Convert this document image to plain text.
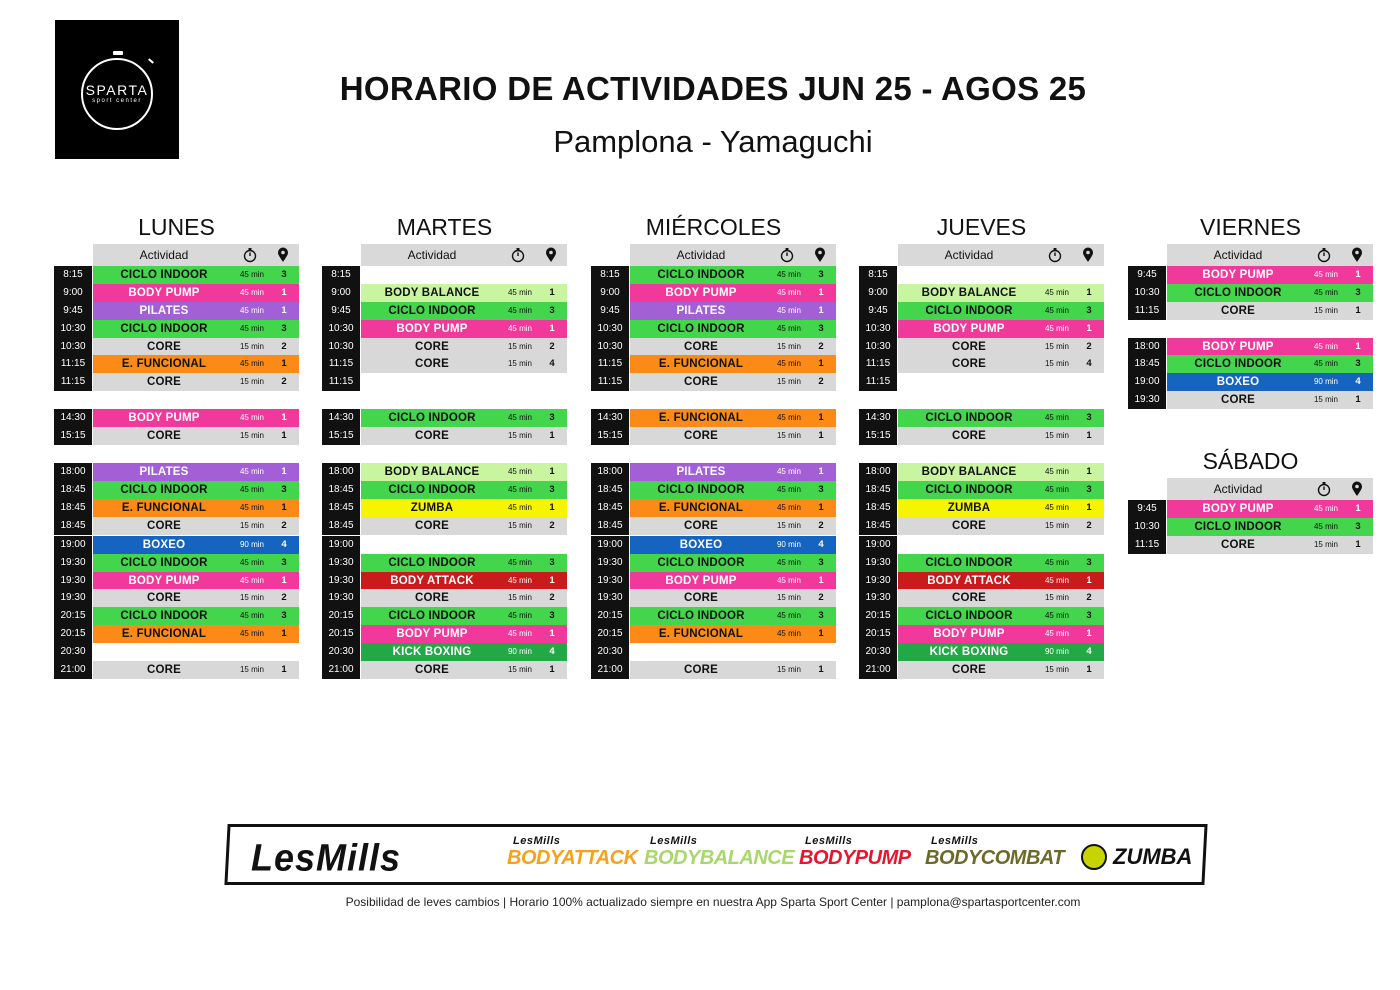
SPARTA
sport center	HORARIO DE ACTIVIDADES JUN 25 - AGOS 25
Pamplona - Yamaguchi
LUNES
Actividad
8:15	CICLO INDOOR	45 min	3
9:00	BODY PUMP	45 min	1
9:45	PILATES	45 min	1
10:30	CICLO INDOOR	45 min	3
10:30	CORE	15 min	2
11:15	E. FUNCIONAL	45 min	1
11:15	CORE	15 min	2
14:30	BODY PUMP	45 min	1
15:15	CORE	15 min	1
18:00	PILATES	45 min	1
18:45	CICLO INDOOR	45 min	3
18:45	E. FUNCIONAL	45 min	1
18:45	CORE	15 min	2
19:00	BOXEO	90 min	4
19:30	CICLO INDOOR	45 min	3
19:30	BODY PUMP	45 min	1
19:30	CORE	15 min	2
20:15	CICLO INDOOR	45 min	3
20:15	E. FUNCIONAL	45 min	1
20:30
21:00	CORE	15 min	1
MARTES
Actividad
8:15
9:00	BODY BALANCE	45 min	1
9:45	CICLO INDOOR	45 min	3
10:30	BODY PUMP	45 min	1
10:30	CORE	15 min	2
11:15	CORE	15 min	4
11:15
14:30	CICLO INDOOR	45 min	3
15:15	CORE	15 min	1
18:00	BODY BALANCE	45 min	1
18:45	CICLO INDOOR	45 min	3
18:45	ZUMBA	45 min	1
18:45	CORE	15 min	2
19:00
19:30	CICLO INDOOR	45 min	3
19:30	BODY ATTACK	45 min	1
19:30	CORE	15 min	2
20:15	CICLO INDOOR	45 min	3
20:15	BODY PUMP	45 min	1
20:30	KICK BOXING	90 min	4
21:00	CORE	15 min	1
MIÉRCOLES
Actividad
8:15	CICLO INDOOR	45 min	3
9:00	BODY PUMP	45 min	1
9:45	PILATES	45 min	1
10:30	CICLO INDOOR	45 min	3
10:30	CORE	15 min	2
11:15	E. FUNCIONAL	45 min	1
11:15	CORE	15 min	2
14:30	E. FUNCIONAL	45 min	1
15:15	CORE	15 min	1
18:00	PILATES	45 min	1
18:45	CICLO INDOOR	45 min	3
18:45	E. FUNCIONAL	45 min	1
18:45	CORE	15 min	2
19:00	BOXEO	90 min	4
19:30	CICLO INDOOR	45 min	3
19:30	BODY PUMP	45 min	1
19:30	CORE	15 min	2
20:15	CICLO INDOOR	45 min	3
20:15	E. FUNCIONAL	45 min	1
20:30
21:00	CORE	15 min	1
JUEVES
Actividad
8:15
9:00	BODY BALANCE	45 min	1
9:45	CICLO INDOOR	45 min	3
10:30	BODY PUMP	45 min	1
10:30	CORE	15 min	2
11:15	CORE	15 min	4
11:15
14:30	CICLO INDOOR	45 min	3
15:15	CORE	15 min	1
18:00	BODY BALANCE	45 min	1
18:45	CICLO INDOOR	45 min	3
18:45	ZUMBA	45 min	1
18:45	CORE	15 min	2
19:00
19:30	CICLO INDOOR	45 min	3
19:30	BODY ATTACK	45 min	1
19:30	CORE	15 min	2
20:15	CICLO INDOOR	45 min	3
20:15	BODY PUMP	45 min	1
20:30	KICK BOXING	90 min	4
21:00	CORE	15 min	1
VIERNES
Actividad
9:45	BODY PUMP	45 min	1
10:30	CICLO INDOOR	45 min	3
11:15	CORE	15 min	1
18:00	BODY PUMP	45 min	1
18:45	CICLO INDOOR	45 min	3
19:00	BOXEO	90 min	4
19:30	CORE	15 min	1
SÁBADO
Actividad
9:45	BODY PUMP	45 min	1
10:30	CICLO INDOOR	45 min	3
11:15	CORE	15 min	1
LesMills	LesMills
BODYATTACK
LesMills
BODYBALANCE
LesMills
BODYPUMP
LesMills
BODYCOMBAT ZUMBA
Posibilidad de leves cambios | Horario 100% actualizado siempre en nuestra App Sparta Sport Center | pamplona@spartasportcenter.com
